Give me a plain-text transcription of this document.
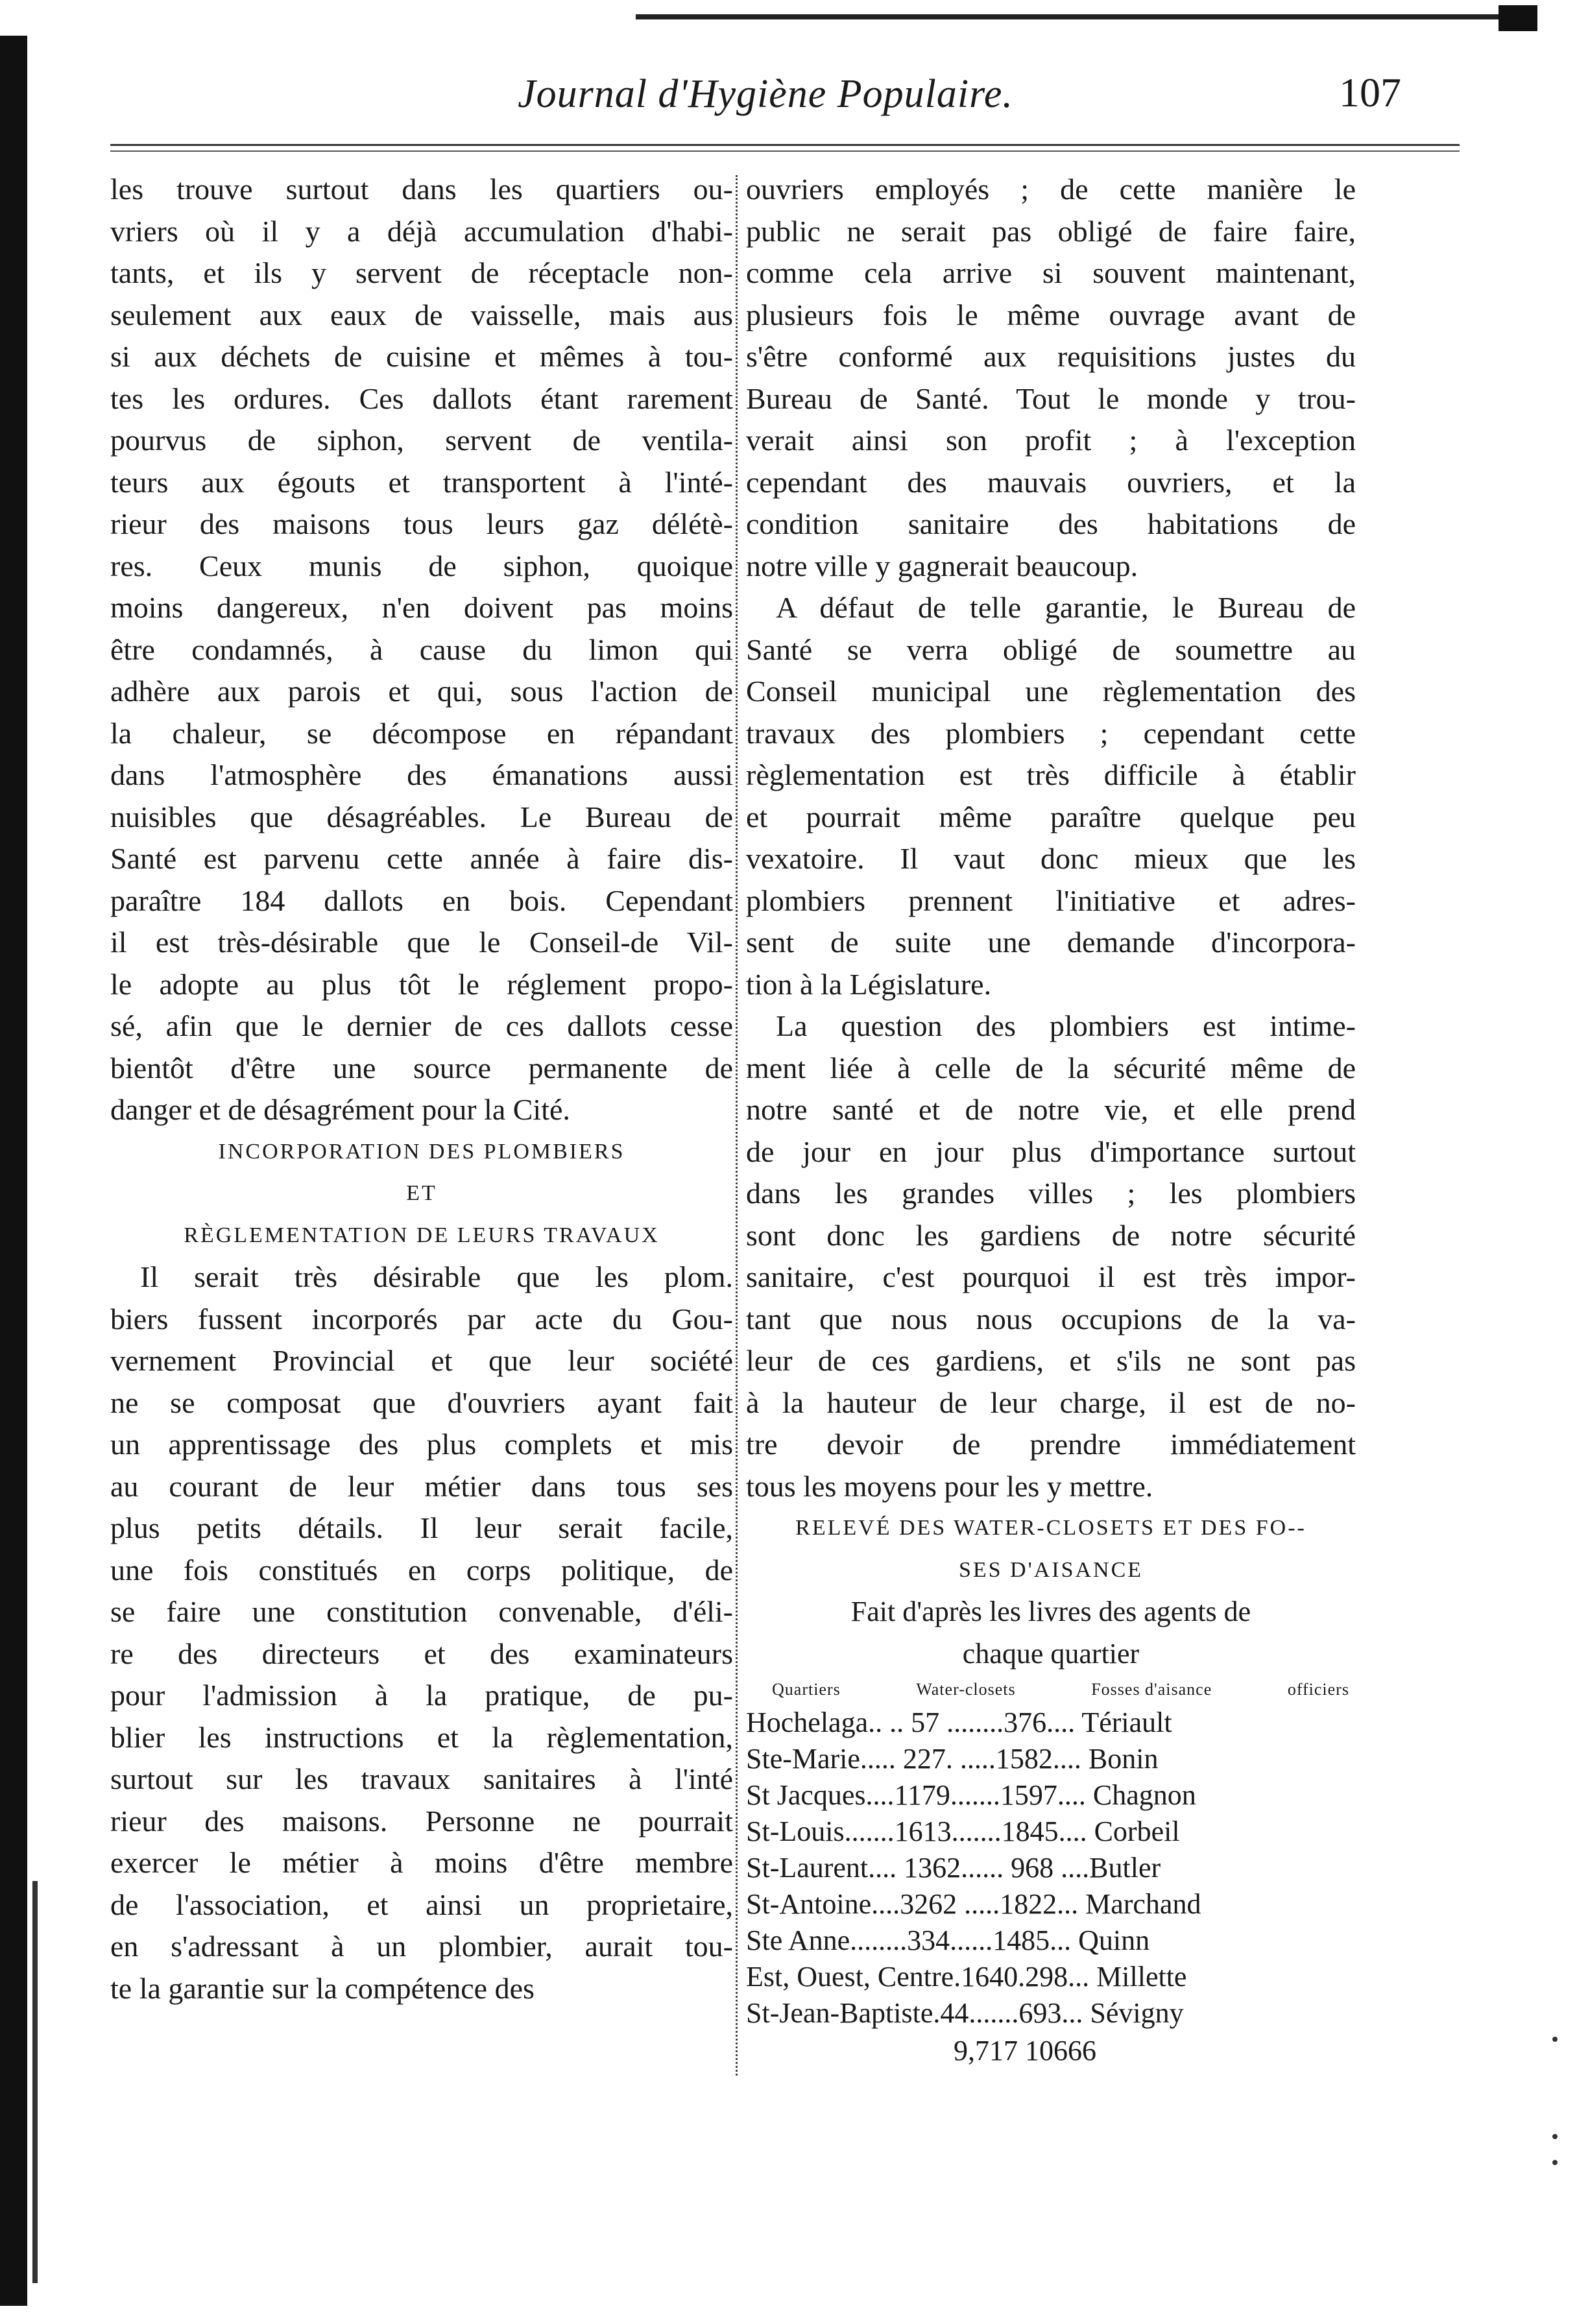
Journal d'Hygiène Populaire.	107
les trouve surtout dans les quartiers ou-
vriers où il y a déjà accumulation d'habi-
tants, et ils y servent de réceptacle non-
seulement aux eaux de vaisselle, mais aus
si aux déchets de cuisine et mêmes à tou-
tes les ordures. Ces dallots étant rarement
pourvus de siphon, servent de ventila-
teurs aux égouts et transportent à l'inté-
rieur des maisons tous leurs gaz délétè-
res. Ceux munis de siphon, quoique
moins dangereux, n'en doivent pas moins
être condamnés, à cause du limon qui
adhère aux parois et qui, sous l'action de
la chaleur, se décompose en répandant
dans l'atmosphère des émanations aussi
nuisibles que désagréables. Le Bureau de
Santé est parvenu cette année à faire dis-
paraître 184 dallots en bois. Cependant
il est très-désirable que le Conseil-de Vil-
le adopte au plus tôt le réglement propo-
sé, afin que le dernier de ces dallots cesse
bientôt d'être une source permanente de
danger et de désagrément pour la Cité.
INCORPORATION DES PLOMBIERS
ET
RÈGLEMENTATION DE LEURS TRAVAUX
Il serait très désirable que les plom.
biers fussent incorporés par acte du Gou-
vernement Provincial et que leur société
ne se composat que d'ouvriers ayant fait
un apprentissage des plus complets et mis
au courant de leur métier dans tous ses
plus petits détails. Il leur serait facile,
une fois constitués en corps politique, de
se faire une constitution convenable, d'éli-
re des directeurs et des examinateurs
pour l'admission à la pratique, de pu-
blier les instructions et la règlementation,
surtout sur les travaux sanitaires à l'inté
rieur des maisons. Personne ne pourrait
exercer le métier à moins d'être membre
de l'association, et ainsi un proprietaire,
en s'adressant à un plombier, aurait tou-
te la garantie sur la compétence des
ouvriers employés ; de cette manière le
public ne serait pas obligé de faire faire,
comme cela arrive si souvent maintenant,
plusieurs fois le même ouvrage avant de
s'être conformé aux requisitions justes du
Bureau de Santé. Tout le monde y trou-
verait ainsi son profit ; à l'exception
cependant des mauvais ouvriers, et la
condition sanitaire des habitations de
notre ville y gagnerait beaucoup.
A défaut de telle garantie, le Bureau de
Santé se verra obligé de soumettre au
Conseil municipal une règlementation des
travaux des plombiers ; cependant cette
règlementation est très difficile à établir
et pourrait même paraître quelque peu
vexatoire. Il vaut donc mieux que les
plombiers prennent l'initiative et adres-
sent de suite une demande d'incorpora-
tion à la Législature.
La question des plombiers est intime-
ment liée à celle de la sécurité même de
notre santé et de notre vie, et elle prend
de jour en jour plus d'importance surtout
dans les grandes villes ; les plombiers
sont donc les gardiens de notre sécurité
sanitaire, c'est pourquoi il est très impor-
tant que nous nous occupions de la va-
leur de ces gardiens, et s'ils ne sont pas
à la hauteur de leur charge, il est de no-
tre devoir de prendre immédiatement
tous les moyens pour les y mettre.
RELEVÉ DES WATER-CLOSETS ET DES FO--
SES D'AISANCE
Fait d'après les livres des agents de
chaque quartier
Quartiers	Water-closets	Fosses d'aisance	officiers
Hochelaga.. .. 57 ........376.... Tériault
Ste-Marie..... 227. .....1582.... Bonin
St Jacques....1179.......1597.... Chagnon
St-Louis.......1613.......1845.... Corbeil
St-Laurent.... 1362...... 968 ....Butler
St-Antoine....3262 .....1822... Marchand
Ste Anne........334......1485... Quinn
Est, Ouest, Centre.1640.298... Millette
St-Jean-Baptiste.44.......693... Sévigny
9,717 10666
